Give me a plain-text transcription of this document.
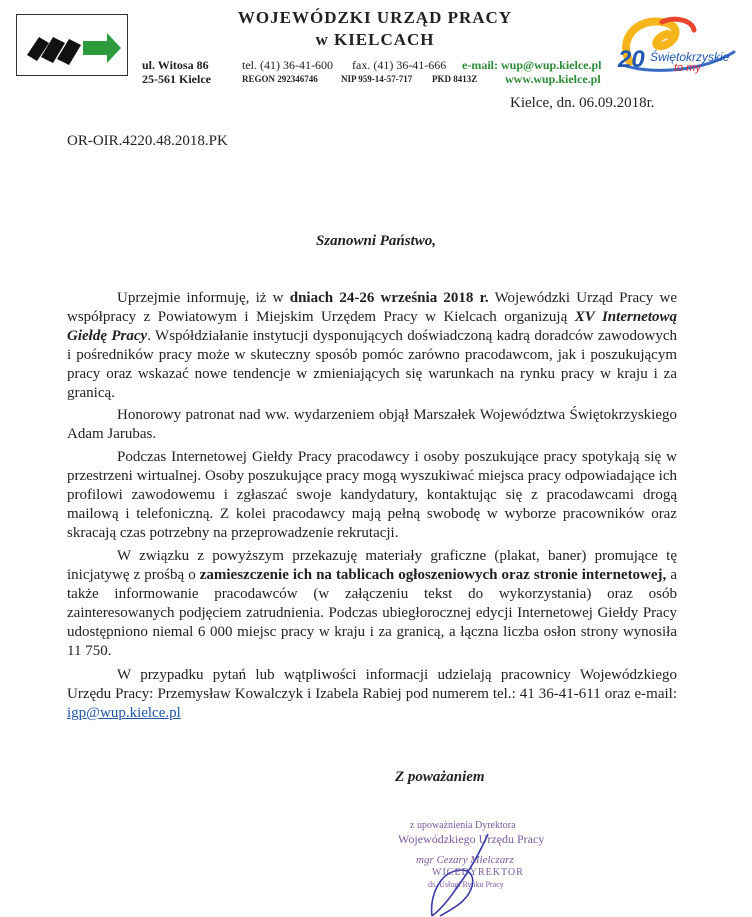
WOJEWÓDZKI URZĄD PRACY
w KIELCACH
ul. Witosa 86
25-561 Kielce
tel. (41) 36-41-600 fax. (41) 36-41-666 e-mail: wup@wup.kielce.pl
REGON 292346746	NIP 959-14-57-717 PKD 8413Z www.wup.kielce.pl
20 Świętokrzyskie
to my
Kielce, dn. 06.09.2018r.
OR-OIR.4220.48.2018.PK
Szanowni Państwo,

Uprzejmie informuję, iż w dniach 24-26 września 2018 r. Wojewódzki Urząd Pracy we współpracy z Powiatowym i Miejskim Urzędem Pracy w Kielcach organizują XV Internetową Giełdę Pracy. Współdziałanie instytucji dysponujących doświadczoną kadrą doradców zawodowych i pośredników pracy może w skuteczny sposób pomóc zarówno pracodawcom, jak i poszukującym pracy oraz wskazać nowe tendencje w zmieniających się warunkach na rynku pracy w kraju i za granicą.

Honorowy patronat nad ww. wydarzeniem objął Marszałek Województwa Świętokrzyskiego Adam Jarubas.

Podczas Internetowej Giełdy Pracy pracodawcy i osoby poszukujące pracy spotykają się w przestrzeni wirtualnej. Osoby poszukujące pracy mogą wyszukiwać miejsca pracy odpowiadające ich profilowi zawodowemu i zgłaszać swoje kandydatury, kontaktując się z pracodawcami drogą mailową i telefoniczną. Z kolei pracodawcy mają pełną swobodę w wyborze pracowników oraz skracają czas potrzebny na przeprowadzenie rekrutacji.

W związku z powyższym przekazuję materiały graficzne (plakat, baner) promujące tę inicjatywę z prośbą o zamieszczenie ich na tablicach ogłoszeniowych oraz stronie internetowej, a także informowanie pracodawców (w załączeniu tekst do wykorzystania) oraz osób zainteresowanych podjęciem zatrudnienia. Podczas ubiegłorocznej edycji Internetowej Giełdy Pracy udostępniono niemal 6 000 miejsc pracy w kraju i za granicą, a łączna liczba osłon strony wynosiła 11 750.

W przypadku pytań lub wątpliwości informacji udzielają pracownicy Wojewódzkiego Urzędu Pracy: Przemysław Kowalczyk i Izabela Rabiej pod numerem tel.: 41 36-41-611 oraz e-mail: igp@wup.kielce.pl

Z poważaniem
z upoważnienia Dyrektora
Wojewódzkiego Urzędu Pracy
mgr Cezary Mielczarz
WICEDYREKTOR
ds. Usługi Rynku Pracy
